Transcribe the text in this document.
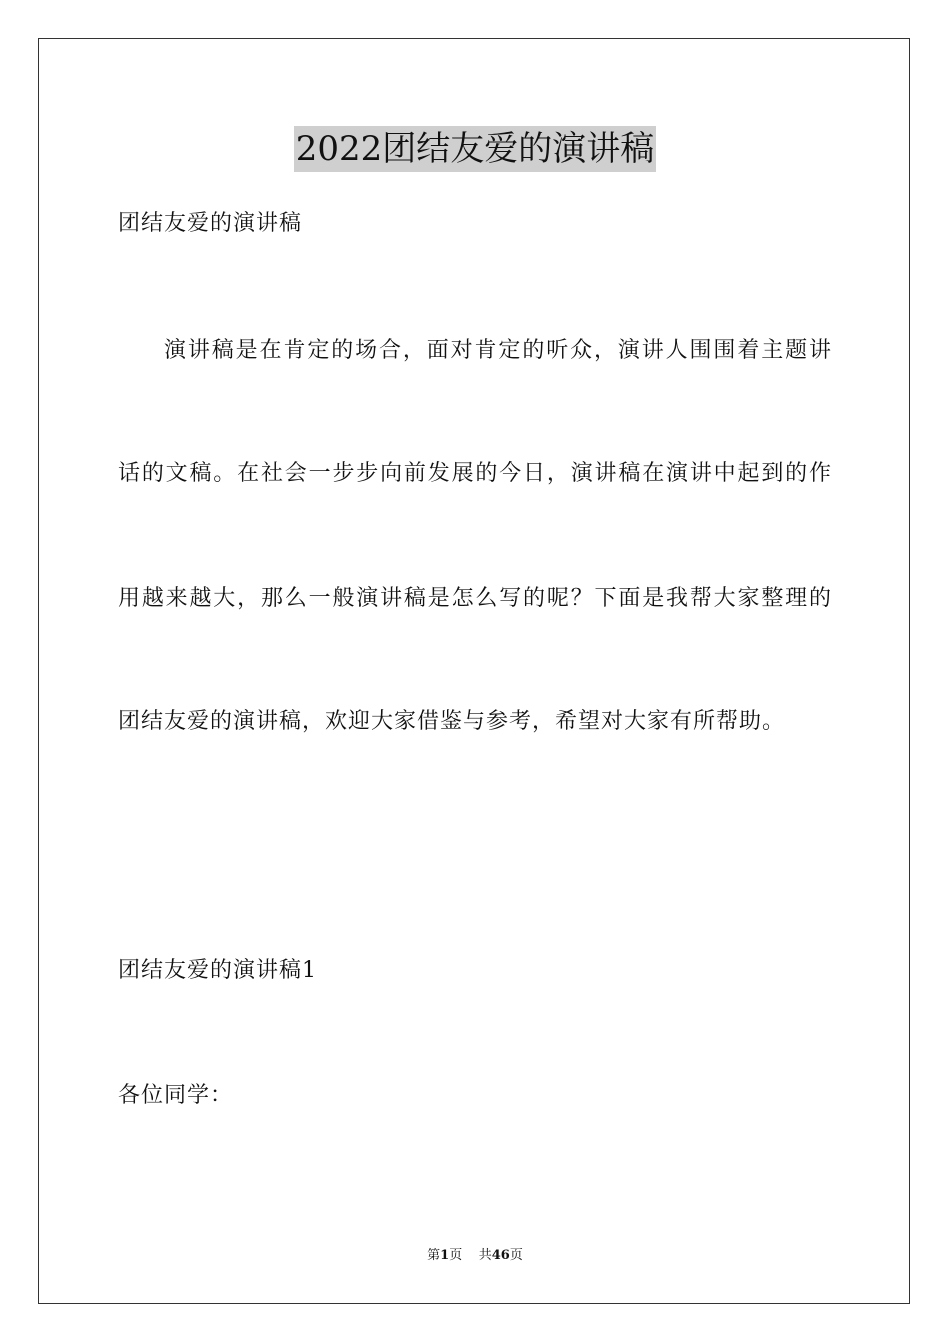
2022团结友爱的演讲稿
团结友爱的演讲稿
演讲稿是在肯定的场合，面对肯定的听众，演讲人围围着主题讲
话的文稿。在社会一步步向前发展的今日，演讲稿在演讲中起到的作
用越来越大，那么一般演讲稿是怎么写的呢？下面是我帮大家整理的
团结友爱的演讲稿，欢迎大家借鉴与参考，希望对大家有所帮助。
团结友爱的演讲稿1
各位同学：
第1页 共46页
